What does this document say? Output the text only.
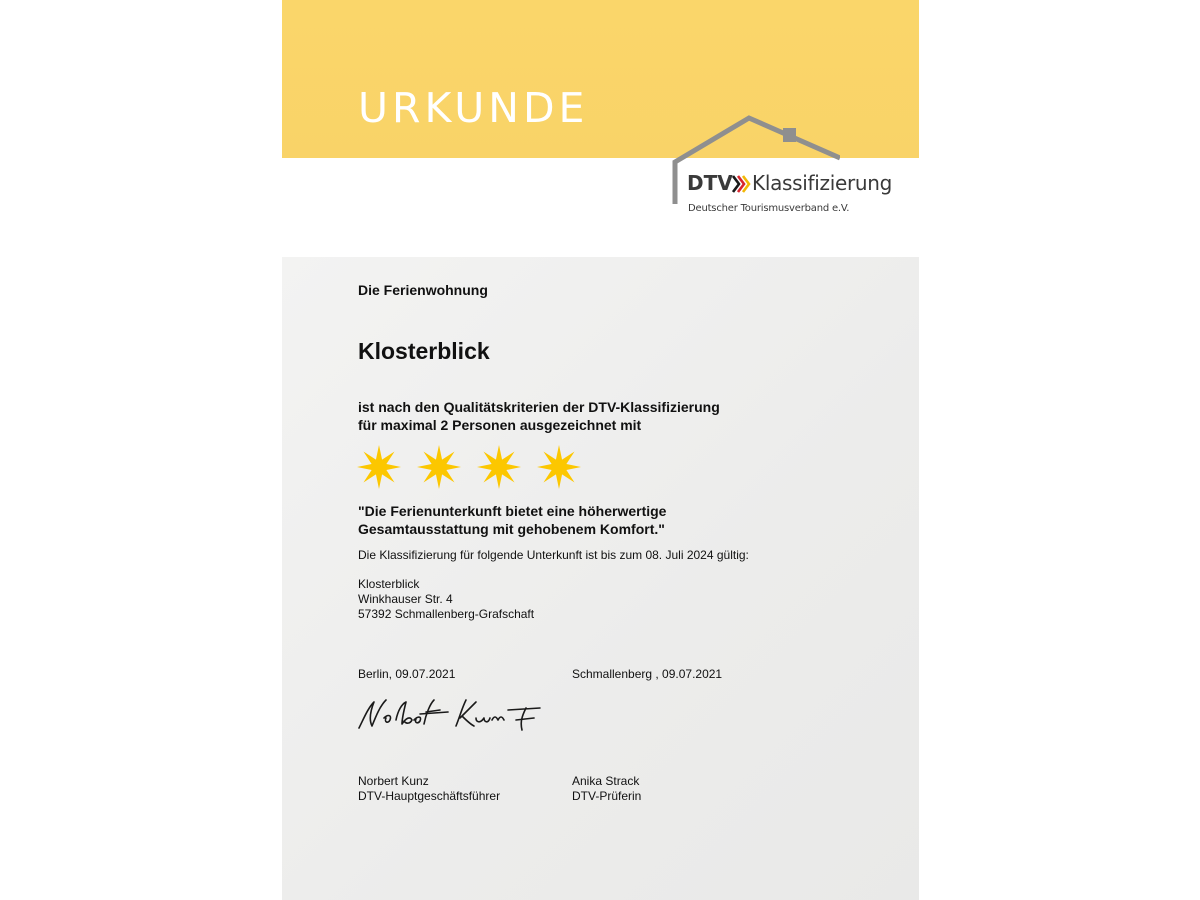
URKUNDE
DTV Klassifizierung
Deutscher Tourismusverband e.V.
Die Ferienwohnung
Klosterblick
ist nach den Qualitätskriterien der DTV-Klassifizierung
für maximal 2 Personen ausgezeichnet mit
"Die Ferienunterkunft bietet eine höherwertige
Gesamtausstattung mit gehobenem Komfort."
Die Klassifizierung für folgende Unterkunft ist bis zum 08. Juli 2024 gültig:
Klosterblick
Winkhauser Str. 4
57392 Schmallenberg-Grafschaft
Berlin, 09.07.2021	Schmallenberg , 09.07.2021
Norbert Kunz
DTV-Hauptgeschäftsführer
Anika Strack
DTV-Prüferin
